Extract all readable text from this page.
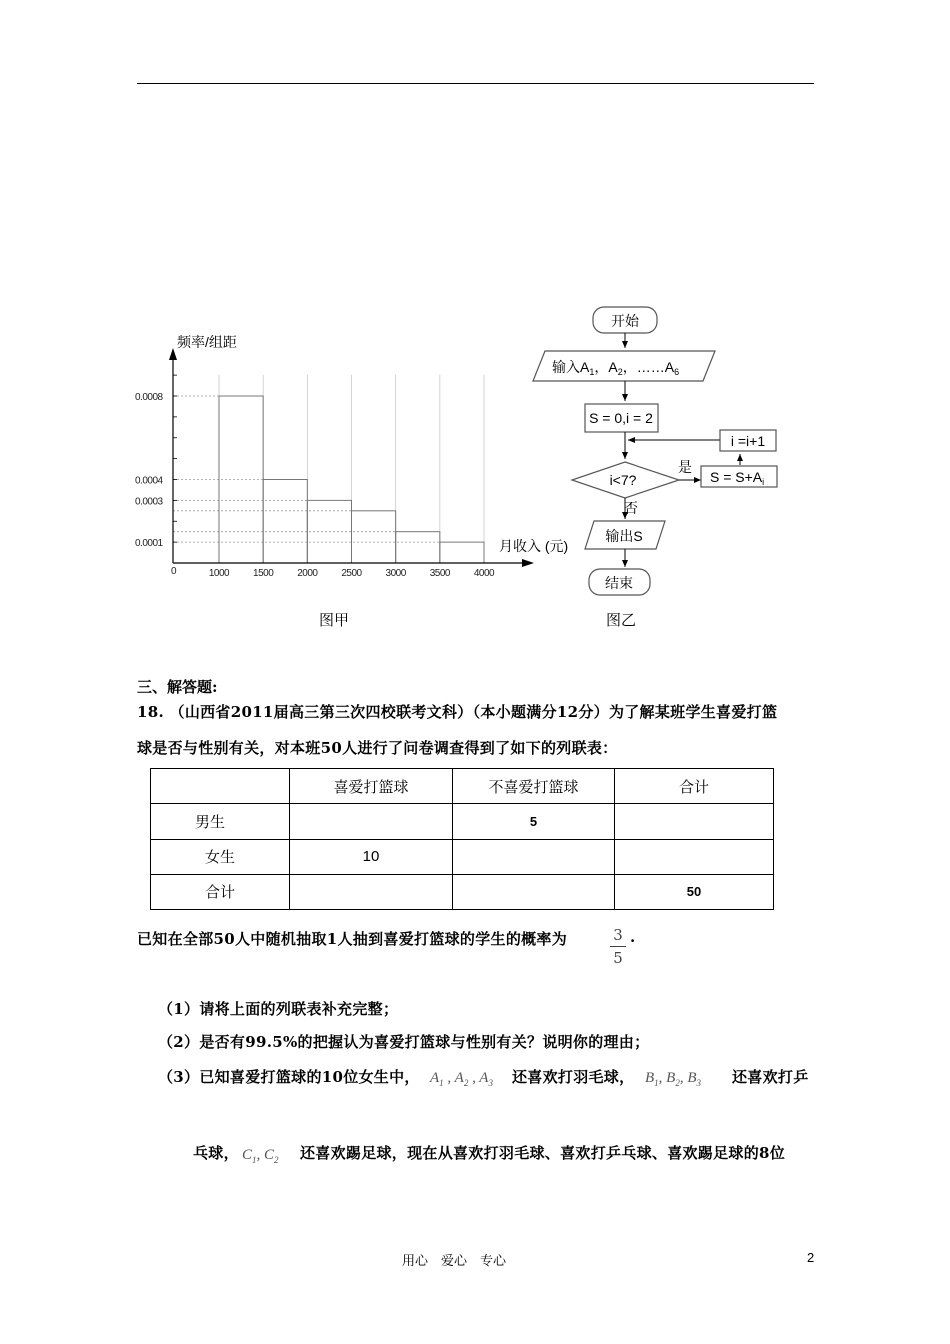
0.0008
0.0004
0.0003
0.0001
1000 1500 2000 2500 3000 3500 4000
0
频率/组距
月收入 (元)
图甲
开始
输入$A_1$，$A_2$，$\dots\dots A_6$
S = 0,i = 2
i =i+1
i<7?
是
$S = S+A_i$
否
输出S
结束
图乙
三、解答题:
18. （山西省2011届高三第三次四校联考文科）（本小题满分12分）为了解某班学生喜爱打篮
球是否与性别有关，对本班50人进行了问卷调查得到了如下的列联表：
	喜爱打篮球	不喜爱打篮球	合计
男生		5	
女生	10		
合计			50
已知在全部50人中随机抽取1人抽到喜爱打篮球的学生的概率为	3
5
.
（1）请将上面的列联表补充完整；
（2）是否有99.5%的把握认为喜爱打篮球与性别有关？说明你的理由；
（3）已知喜爱打篮球的10位女生中， $A_1$ , $A_2$ , $A_3$ 还喜欢打羽毛球， $B_1$, $B_2$, $B_3$ 还喜欢打乒
乓球， $C_1$, $C_2$ 还喜欢踢足球，现在从喜欢打羽毛球、喜欢打乒乓球、喜欢踢足球的8位
用心　爱心　专心	2
